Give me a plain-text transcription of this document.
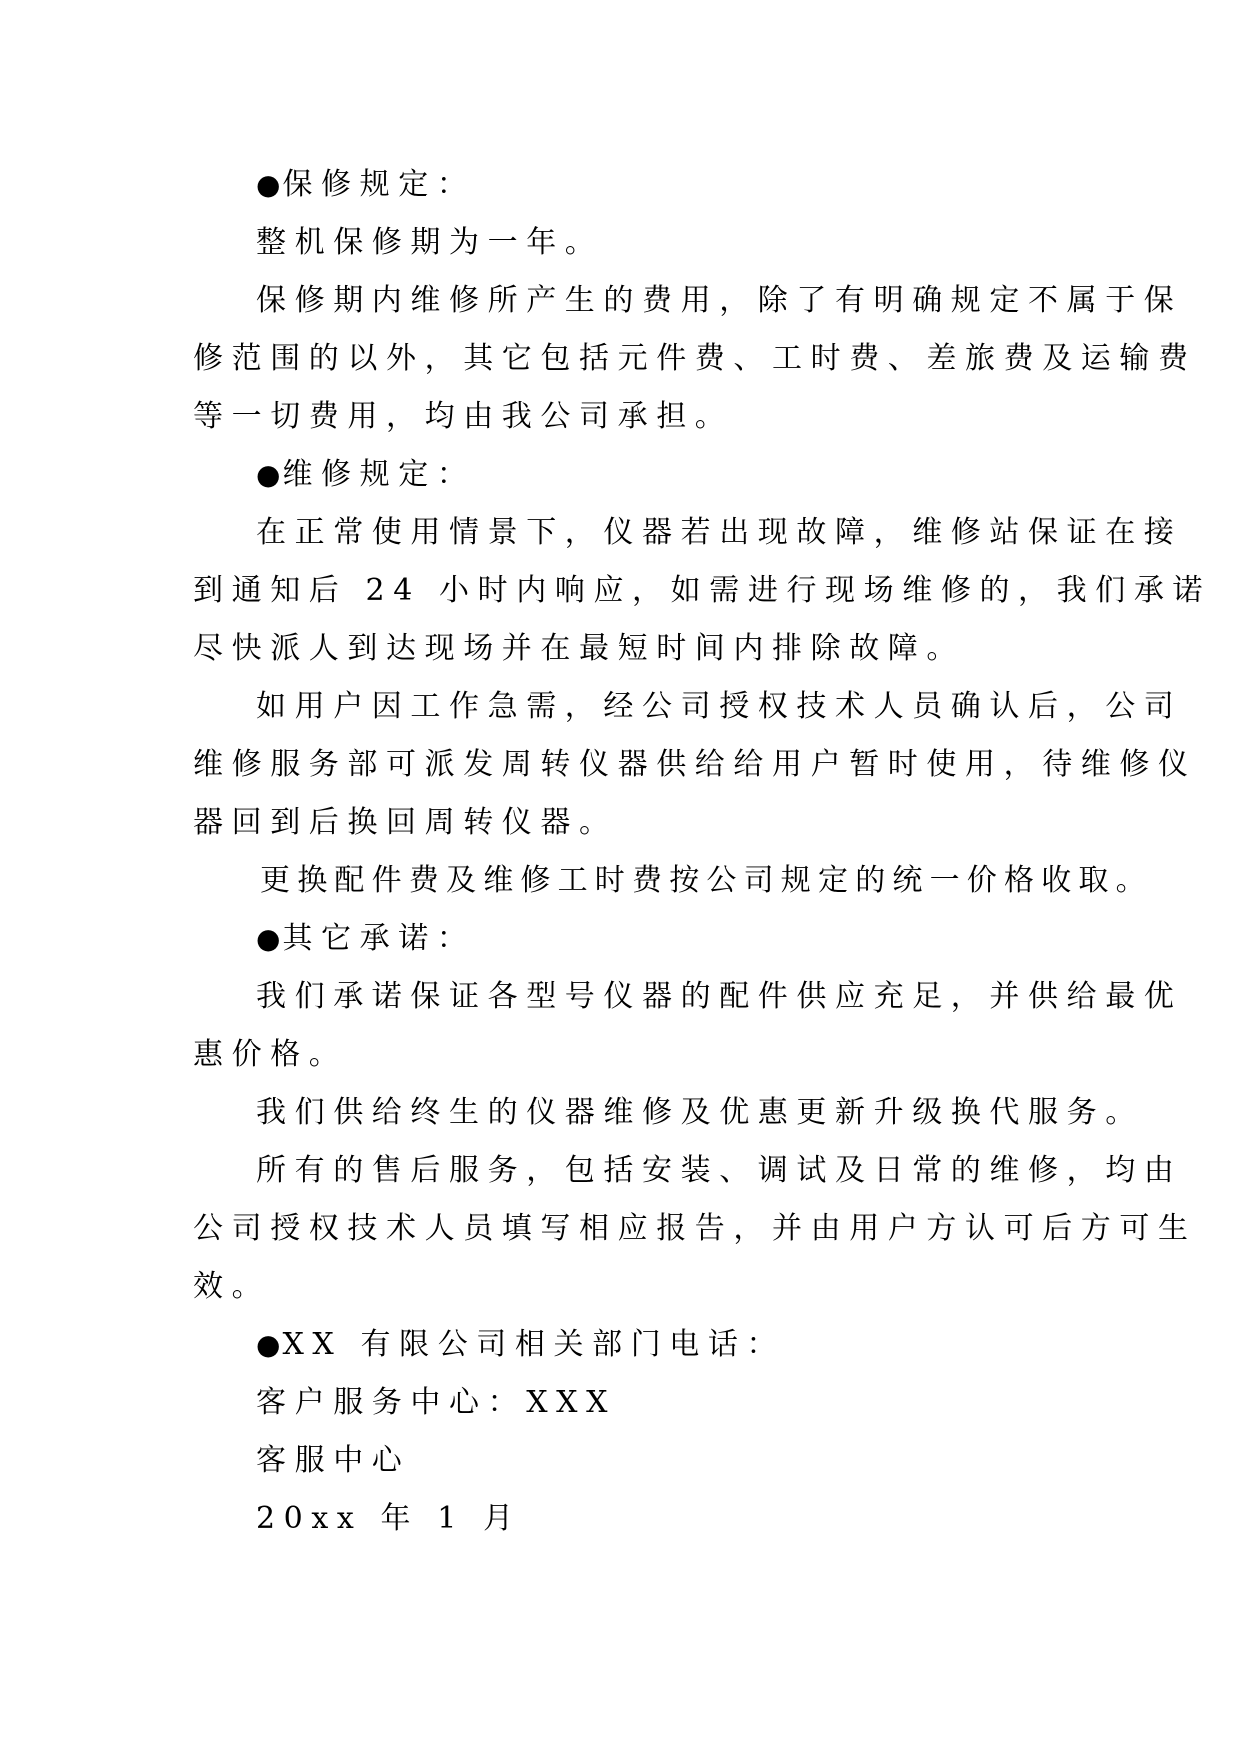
●保修规定：
整机保修期为一年。
保修期内维修所产生的费用，除了有明确规定不属于保
修范围的以外，其它包括元件费、工时费、差旅费及运输费
等一切费用，均由我公司承担。
●维修规定：
在正常使用情景下，仪器若出现故障，维修站保证在接
到通知后 24 小时内响应，如需进行现场维修的，我们承诺
尽快派人到达现场并在最短时间内排除故障。
如用户因工作急需，经公司授权技术人员确认后，公司
维修服务部可派发周转仪器供给给用户暂时使用，待维修仪
器回到后换回周转仪器。
更换配件费及维修工时费按公司规定的统一价格收取。
●其它承诺：
我们承诺保证各型号仪器的配件供应充足，并供给最优
惠价格。
我们供给终生的仪器维修及优惠更新升级换代服务。
所有的售后服务，包括安装、调试及日常的维修，均由
公司授权技术人员填写相应报告，并由用户方认可后方可生
效。
●XX 有限公司相关部门电话：
客户服务中心：XXX
客服中心
20xx 年 1 月
